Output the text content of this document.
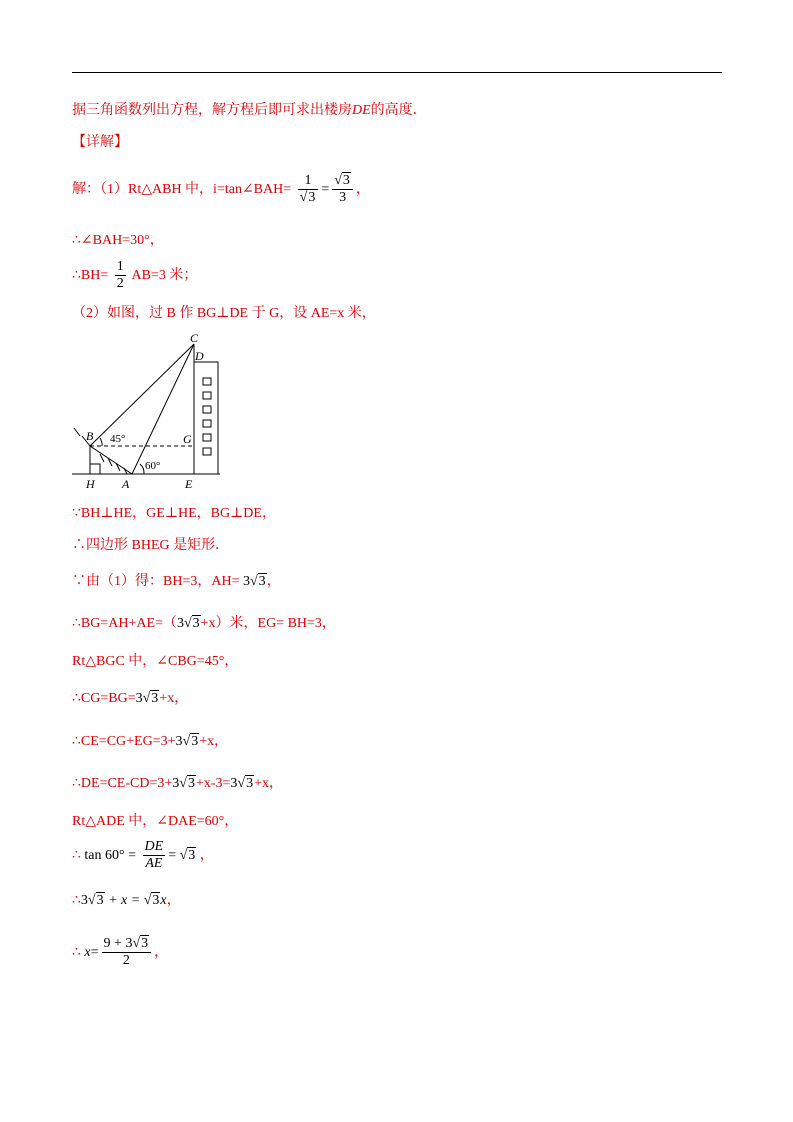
据三角函数列出方程，解方程后即可求出楼房DE的高度．
【详解】
解：（1）Rt△ABH 中，i=tan∠BAH= $\frac{1}{√3} = \frac{√3}{3}$ ，
∴∠BAH=30°，
∴BH= $\frac{1}{2} AB=3$ 米；
（2）如图，过 B 作 BG⊥DE 于 G，设 AE=x 米，
C
D
B	G
H A	E
45°
60°
∵BH⊥HE，GE⊥HE，BG⊥DE，
∴四边形 BHEG 是矩形．
∵由（1）得：BH=3，AH= 3√3，
∴BG=AH+AE=（3√3+x）米，EG= BH=3，
Rt△BGC 中，∠CBG=45°，
∴CG=BG=3√3+x，
∴CE=CG+EG=3+3√3+x，
∴DE=CE-CD=3+3√3+x-3=3√3+x，
Rt△ADE 中，∠DAE=60°，
∴ $\tan 60^\circ = \frac{DE}{AE} = √3$ ，
∴3√3 + x = √3x，
∴ $x= \frac{9 + 3√3}{2}$ ，
